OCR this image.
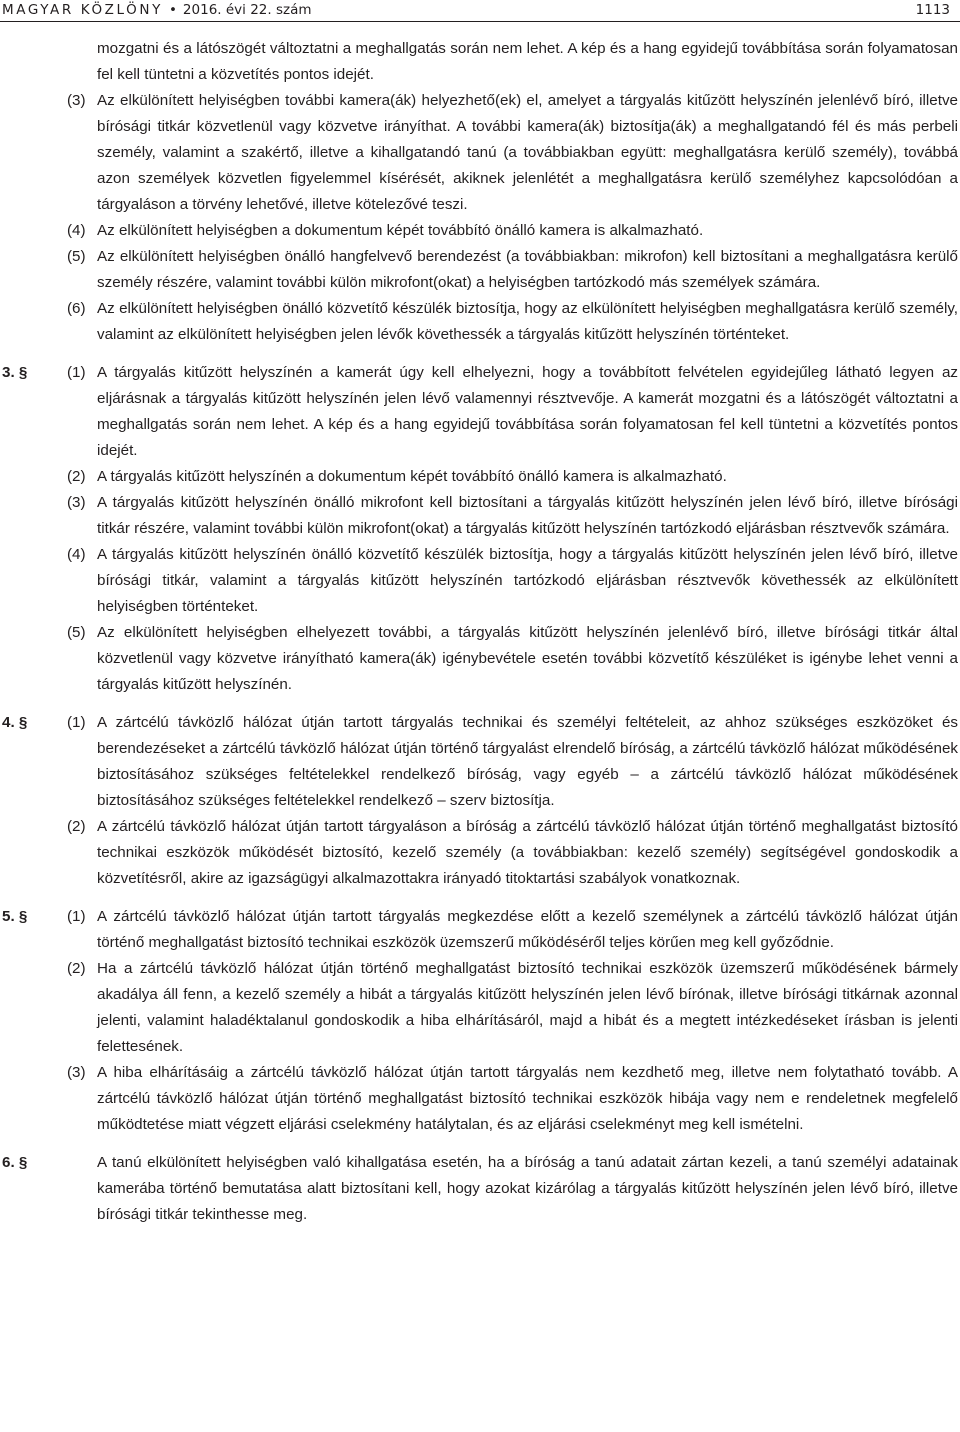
MAGYAR KÖZLÖNY • 2016. évi 22. szám	1113
mozgatni és a látószögét változtatni a meghallgatás során nem lehet. A kép és a hang egyidejű továbbítása során folyamatosan fel kell tüntetni a közvetítés pontos idejét.
(3) Az elkülönített helyiségben további kamera(ák) helyezhető(ek) el, amelyet a tárgyalás kitűzött helyszínén jelenlévő bíró, illetve bírósági titkár közvetlenül vagy közvetve irányíthat. A további kamera(ák) biztosítja(ák) a meghallgatandó fél és más perbeli személy, valamint a szakértő, illetve a kihallgatandó tanú (a továbbiakban együtt: meghallgatásra kerülő személy), továbbá azon személyek közvetlen figyelemmel kísérését, akiknek jelenlétét a meghallgatásra kerülő személyhez kapcsolódóan a tárgyaláson a törvény lehetővé, illetve kötelezővé teszi.
(4) Az elkülönített helyiségben a dokumentum képét továbbító önálló kamera is alkalmazható.
(5) Az elkülönített helyiségben önálló hangfelvevő berendezést (a továbbiakban: mikrofon) kell biztosítani a meghallgatásra kerülő személy részére, valamint további külön mikrofont(okat) a helyiségben tartózkodó más személyek számára.
(6) Az elkülönített helyiségben önálló közvetítő készülék biztosítja, hogy az elkülönített helyiségben meghallgatásra kerülő személy, valamint az elkülönített helyiségben jelen lévők követhessék a tárgyalás kitűzött helyszínén történteket.
3. §	(1) A tárgyalás kitűzött helyszínén a kamerát úgy kell elhelyezni, hogy a továbbított felvételen egyidejűleg látható legyen az eljárásnak a tárgyalás kitűzött helyszínén jelen lévő valamennyi résztvevője. A kamerát mozgatni és a látószögét változtatni a meghallgatás során nem lehet. A kép és a hang egyidejű továbbítása során folyamatosan fel kell tüntetni a közvetítés pontos idejét.
(2) A tárgyalás kitűzött helyszínén a dokumentum képét továbbító önálló kamera is alkalmazható.
(3) A tárgyalás kitűzött helyszínén önálló mikrofont kell biztosítani a tárgyalás kitűzött helyszínén jelen lévő bíró, illetve bírósági titkár részére, valamint további külön mikrofont(okat) a tárgyalás kitűzött helyszínén tartózkodó eljárásban résztvevők számára.
(4) A tárgyalás kitűzött helyszínén önálló közvetítő készülék biztosítja, hogy a tárgyalás kitűzött helyszínén jelen lévő bíró, illetve bírósági titkár, valamint a tárgyalás kitűzött helyszínén tartózkodó eljárásban résztvevők követhessék az elkülönített helyiségben történteket.
(5) Az elkülönített helyiségben elhelyezett további, a tárgyalás kitűzött helyszínén jelenlévő bíró, illetve bírósági titkár által közvetlenül vagy közvetve irányítható kamera(ák) igénybevétele esetén további közvetítő készüléket is igénybe lehet venni a tárgyalás kitűzött helyszínén.
4. §	(1) A zártcélú távközlő hálózat útján tartott tárgyalás technikai és személyi feltételeit, az ahhoz szükséges eszközöket és berendezéseket a zártcélú távközlő hálózat útján történő tárgyalást elrendelő bíróság, a zártcélú távközlő hálózat működésének biztosításához szükséges feltételekkel rendelkező bíróság, vagy egyéb – a zártcélú távközlő hálózat működésének biztosításához szükséges feltételekkel rendelkező – szerv biztosítja.
(2) A zártcélú távközlő hálózat útján tartott tárgyaláson a bíróság a zártcélú távközlő hálózat útján történő meghallgatást biztosító technikai eszközök működését biztosító, kezelő személy (a továbbiakban: kezelő személy) segítségével gondoskodik a közvetítésről, akire az igazságügyi alkalmazottakra irányadó titoktartási szabályok vonatkoznak.
5. §	(1) A zártcélú távközlő hálózat útján tartott tárgyalás megkezdése előtt a kezelő személynek a zártcélú távközlő hálózat útján történő meghallgatást biztosító technikai eszközök üzemszerű működéséről teljes körűen meg kell győződnie.
(2) Ha a zártcélú távközlő hálózat útján történő meghallgatást biztosító technikai eszközök üzemszerű működésének bármely akadálya áll fenn, a kezelő személy a hibát a tárgyalás kitűzött helyszínén jelen lévő bírónak, illetve bírósági titkárnak azonnal jelenti, valamint haladéktalanul gondoskodik a hiba elhárításáról, majd a hibát és a megtett intézkedéseket írásban is jelenti felettesének.
(3) A hiba elhárításáig a zártcélú távközlő hálózat útján tartott tárgyalás nem kezdhető meg, illetve nem folytatható tovább. A zártcélú távközlő hálózat útján történő meghallgatást biztosító technikai eszközök hibája vagy nem e rendeletnek megfelelő működtetése miatt végzett eljárási cselekmény hatálytalan, és az eljárási cselekményt meg kell ismételni.
6. §	A tanú elkülönített helyiségben való kihallgatása esetén, ha a bíróság a tanú adatait zártan kezeli, a tanú személyi adatainak kamerába történő bemutatása alatt biztosítani kell, hogy azokat kizárólag a tárgyalás kitűzött helyszínén jelen lévő bíró, illetve bírósági titkár tekinthesse meg.
